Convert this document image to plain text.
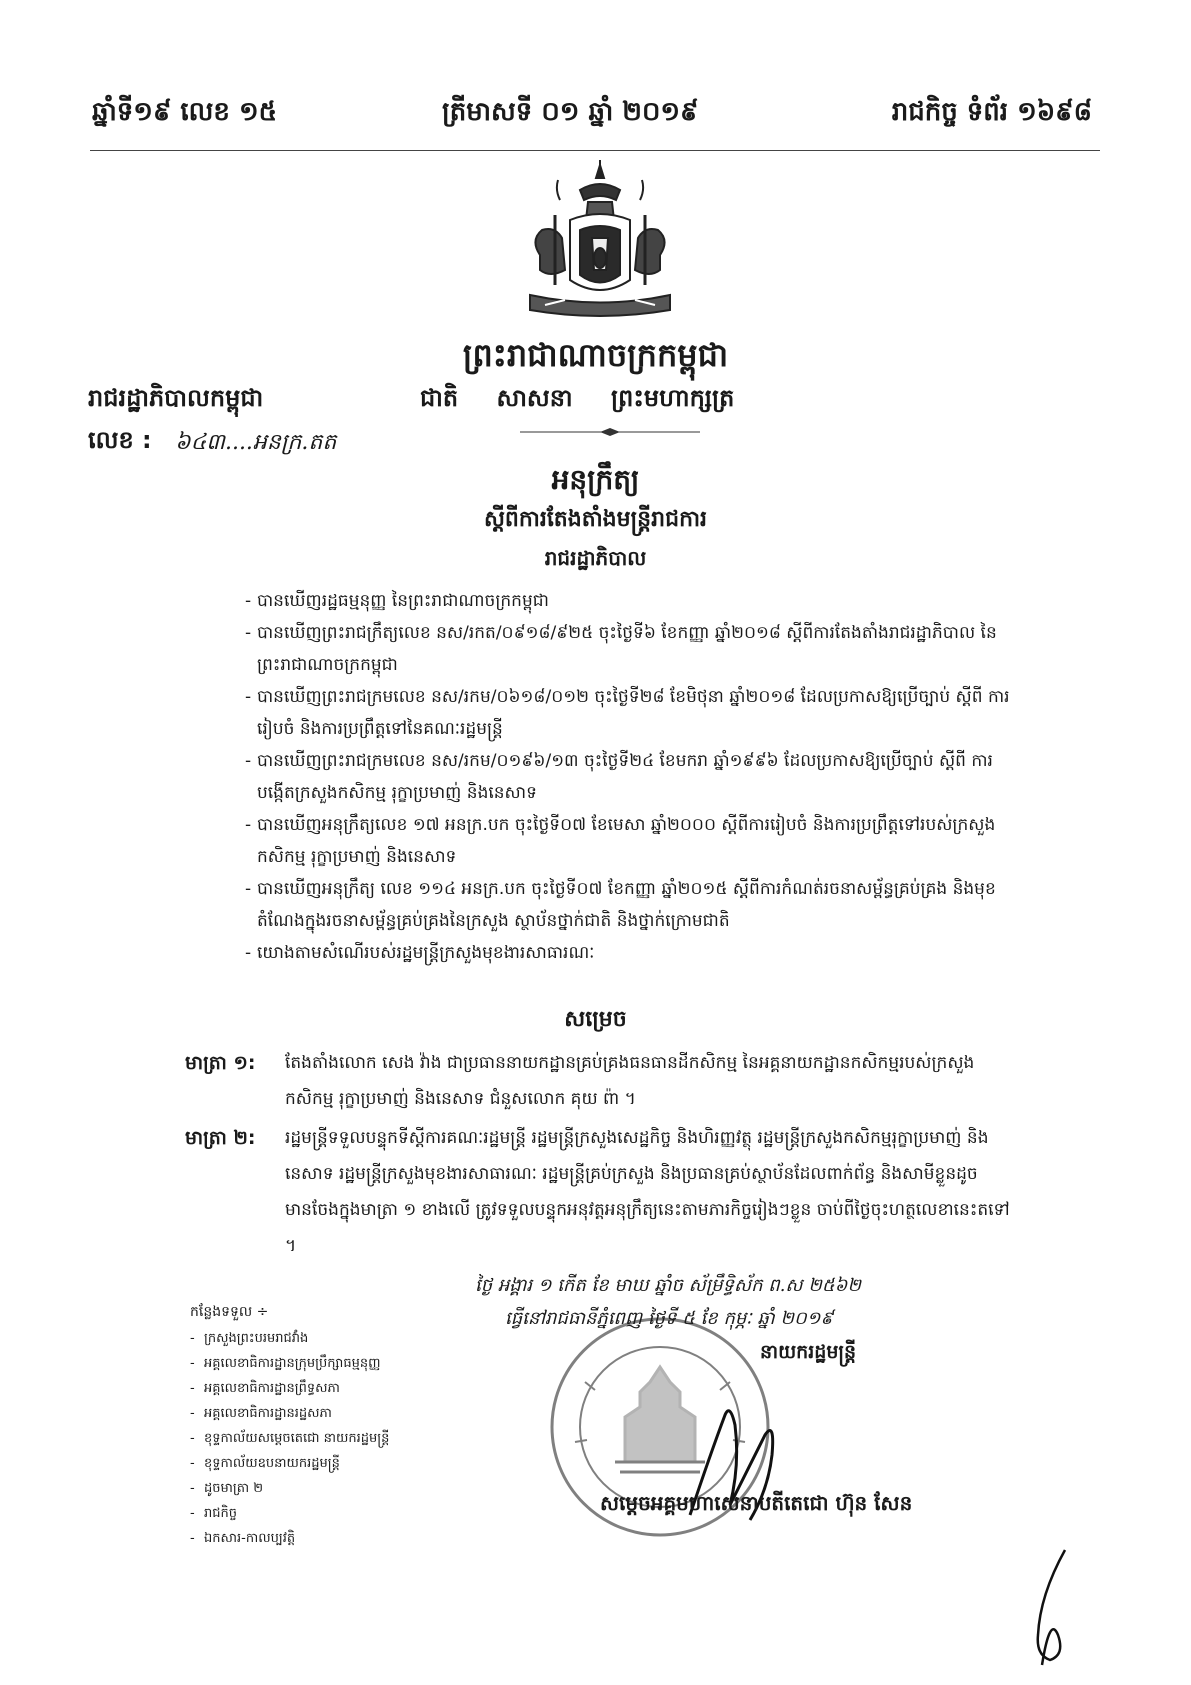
ឆ្នាំទី១៩ លេខ ១៥	ត្រីមាសទី ០១ ឆ្នាំ ២០១៩	រាជកិច្ច ទំព័រ ១៦៩៨
ព្រះរាជាណាចក្រកម្ពុជា
រាជរដ្ឋាភិបាលកម្ពុជា	ជាតិ សាសនា ព្រះមហាក្សត្រ
លេខ : ៦៤៣....អនក្រ.តត
អនុក្រឹត្យ
ស្ដីពីការតែងតាំងមន្ត្រីរាជការ
រាជរដ្ឋាភិបាល
- បានឃើញរដ្ឋធម្មនុញ្ញ នៃព្រះរាជាណាចក្រកម្ពុជា
- បានឃើញព្រះរាជក្រឹត្យលេខ នស/រកត/០៩១៨/៩២៥ ចុះថ្ងៃទី៦ ខែកញ្ញា ឆ្នាំ២០១៨ ស្ដីពីការតែងតាំងរាជរដ្ឋាភិបាល នៃព្រះរាជាណាចក្រកម្ពុជា
- បានឃើញព្រះរាជក្រមលេខ នស/រកម/០៦១៨/០១២ ចុះថ្ងៃទី២៨ ខែមិថុនា ឆ្នាំ២០១៨ ដែលប្រកាសឱ្យប្រើច្បាប់ ស្ដីពី ការរៀបចំ និងការប្រព្រឹត្តទៅនៃគណៈរដ្ឋមន្ត្រី
- បានឃើញព្រះរាជក្រមលេខ នស/រកម/០១៩៦/១៣ ចុះថ្ងៃទី២៤ ខែមករា ឆ្នាំ១៩៩៦ ដែលប្រកាសឱ្យប្រើច្បាប់ ស្ដីពី ការបង្កើតក្រសួងកសិកម្ម រុក្ខាប្រមាញ់ និងនេសាទ
- បានឃើញអនុក្រឹត្យលេខ ១៧ អនក្រ.បក ចុះថ្ងៃទី០៧ ខែមេសា ឆ្នាំ២០០០ ស្ដីពីការរៀបចំ និងការប្រព្រឹត្តទៅរបស់ក្រសួងកសិកម្ម រុក្ខាប្រមាញ់ និងនេសាទ
- បានឃើញអនុក្រឹត្យ លេខ ១១៤ អនក្រ.បក ចុះថ្ងៃទី០៧ ខែកញ្ញា ឆ្នាំ២០១៥ ស្ដីពីការកំណត់រចនាសម្ព័ន្ធគ្រប់គ្រង និងមុខតំណែងក្នុងរចនាសម្ព័ន្ធគ្រប់គ្រងនៃក្រសួង ស្ថាប័នថ្នាក់ជាតិ និងថ្នាក់ក្រោមជាតិ
- យោងតាមសំណើរបស់រដ្ឋមន្ត្រីក្រសួងមុខងារសាធារណៈ
សម្រេច
មាត្រា ១: តែងតាំងលោក សេង វ៉ាង ជាប្រធាននាយកដ្ឋានគ្រប់គ្រងធនធានដីកសិកម្ម នៃអគ្គនាយកដ្ឋានកសិកម្មរបស់ក្រសួងកសិកម្ម រុក្ខាប្រមាញ់ និងនេសាទ ជំនួសលោក គុយ ព៉ា ។
មាត្រា ២: រដ្ឋមន្ត្រីទទួលបន្ទុកទីស្ដីការគណៈរដ្ឋមន្ត្រី រដ្ឋមន្ត្រីក្រសួងសេដ្ឋកិច្ច និងហិរញ្ញវត្ថុ រដ្ឋមន្ត្រីក្រសួងកសិកម្មរុក្ខាប្រមាញ់ និងនេសាទ រដ្ឋមន្ត្រីក្រសួងមុខងារសាធារណៈ រដ្ឋមន្ត្រីគ្រប់ក្រសួង និងប្រធានគ្រប់ស្ថាប័នដែលពាក់ព័ន្ធ និងសាមីខ្លួនដូចមានចែងក្នុងមាត្រា ១ ខាងលើ ត្រូវទទួលបន្ទុកអនុវត្តអនុក្រឹត្យនេះតាមភារកិច្ចរៀងៗខ្លួន ចាប់ពីថ្ងៃចុះហត្ថលេខានេះតទៅ ។
កន្លែងទទួល ÷
- ក្រសួងព្រះបរមរាជវាំង
- អគ្គលេខាធិការដ្ឋានក្រុមប្រឹក្សាធម្មនុញ្ញ
- អគ្គលេខាធិការដ្ឋានព្រឹទ្ធសភា
- អគ្គលេខាធិការដ្ឋានរដ្ឋសភា
- ខុទ្ទកាល័យសម្ដេចតេជោ នាយករដ្ឋមន្ត្រី
- ខុទ្ទកាល័យឧបនាយករដ្ឋមន្ត្រី
- ដូចមាត្រា ២
- រាជកិច្ច
- ឯកសារ-កាលប្បវត្តិ
ថ្ងៃ អង្គារ ១ កើត ខែ មាឃ ឆ្នាំច ស័ម្រឹទ្ធិស័ក ព.ស ២៥៦២
ធ្វើនៅរាជធានីភ្នំពេញ ថ្ងៃទី ៥ ខែ កុម្ភៈ ឆ្នាំ ២០១៩
នាយករដ្ឋមន្ត្រី
សម្ដេចអគ្គមហាសេនាបតីតេជោ ហ៊ុន សែន
